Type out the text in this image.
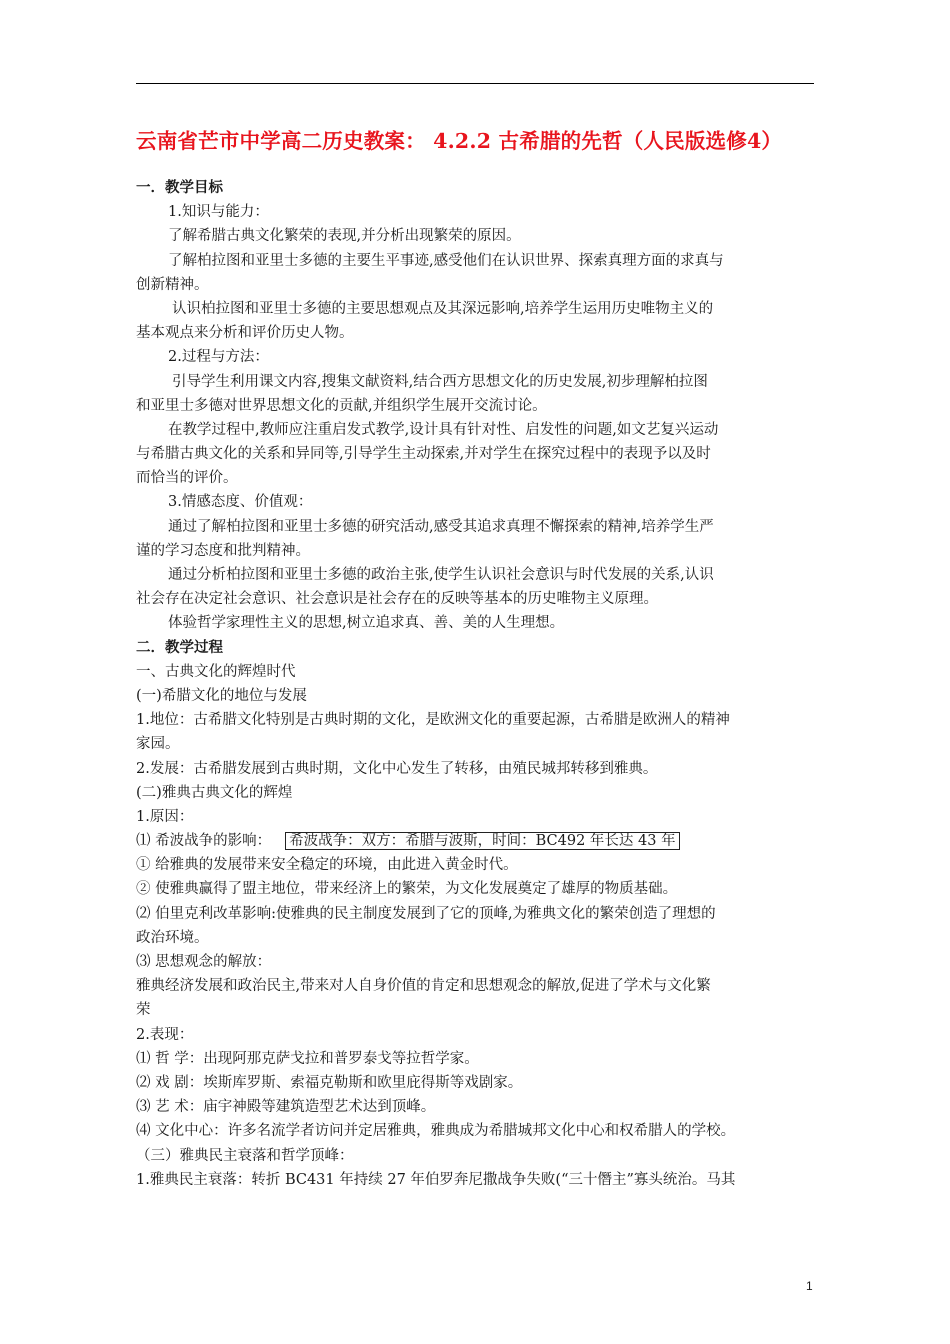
云南省芒市中学高二历史教案： 4.2.2 古希腊的先哲（人民版选修4）
一．教学目标
1.知识与能力：
了解希腊古典文化繁荣的表现,并分析出现繁荣的原因。
了解柏拉图和亚里士多德的主要生平事迹,感受他们在认识世界、探索真理方面的求真与
创新精神。
认识柏拉图和亚里士多德的主要思想观点及其深远影响,培养学生运用历史唯物主义的
基本观点来分析和评价历史人物。
2.过程与方法：
引导学生利用课文内容,搜集文献资料,结合西方思想文化的历史发展,初步理解柏拉图
和亚里士多德对世界思想文化的贡献,并组织学生展开交流讨论。
在教学过程中,教师应注重启发式教学,设计具有针对性、启发性的问题,如文艺复兴运动
与希腊古典文化的关系和异同等,引导学生主动探索,并对学生在探究过程中的表现予以及时
而恰当的评价。
3.情感态度、价值观：
通过了解柏拉图和亚里士多德的研究活动,感受其追求真理不懈探索的精神,培养学生严
谨的学习态度和批判精神。
通过分析柏拉图和亚里士多德的政治主张,使学生认识社会意识与时代发展的关系,认识
社会存在决定社会意识、社会意识是社会存在的反映等基本的历史唯物主义原理。
体验哲学家理性主义的思想,树立追求真、善、美的人生理想。
二．教学过程
一、古典文化的辉煌时代
(一)希腊文化的地位与发展
1.地位：古希腊文化特别是古典时期的文化，是欧洲文化的重要起源，古希腊是欧洲人的精神
家园。
2.发展：古希腊发展到古典时期，文化中心发生了转移，由殖民城邦转移到雅典。
(二)雅典古典文化的辉煌
1.原因：
⑴ 希波战争的影响： 希波战争：双方：希腊与波斯，时间：BC492 年长达 43 年
① 给雅典的发展带来安全稳定的环境，由此进入黄金时代。
② 使雅典赢得了盟主地位，带来经济上的繁荣，为文化发展奠定了雄厚的物质基础。
⑵ 伯里克利改革影响:使雅典的民主制度发展到了它的顶峰,为雅典文化的繁荣创造了理想的
政治环境。
⑶ 思想观念的解放：
雅典经济发展和政治民主,带来对人自身价值的肯定和思想观念的解放,促进了学术与文化繁
荣
2.表现：
⑴ 哲 学：出现阿那克萨戈拉和普罗泰戈等拉哲学家。
⑵ 戏 剧：埃斯库罗斯、索福克勒斯和欧里庇得斯等戏剧家。
⑶ 艺 术：庙宇神殿等建筑造型艺术达到顶峰。
⑷ 文化中心：许多名流学者访问并定居雅典，雅典成为希腊城邦文化中心和权希腊人的学校。
（三）雅典民主衰落和哲学顶峰：
1.雅典民主衰落：转折 BC431 年持续 27 年伯罗奔尼撒战争失败(“三十僭主”寡头统治。马其
1
